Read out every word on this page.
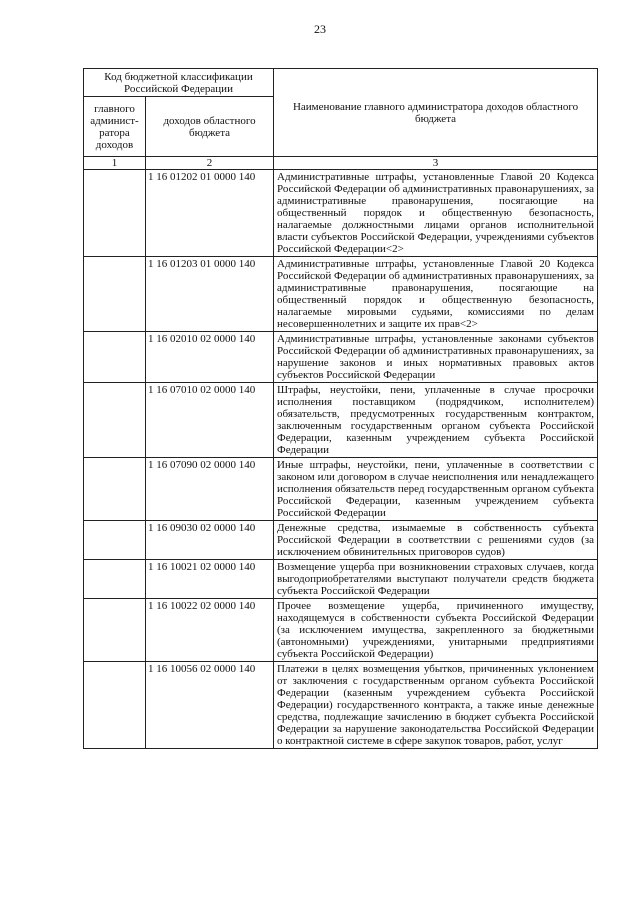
23
Код бюджетной классификации Российской Федерации		Наименование главного администратора доходов областного бюджета
главного админист-ратора доходов	доходов областного бюджета	
1	2	3
	1 16 01202 01 0000 140	Административные штрафы, установленные Главой 20 Кодекса Российской Федерации об административных правонарушениях, за административные правонарушения, посягающие на общественный порядок и общественную безопасность, налагаемые должностными лицами органов исполнительной власти субъектов Российской Федерации, учреждениями субъектов Российской Федерации<2>
	1 16 01203 01 0000 140	Административные штрафы, установленные Главой 20 Кодекса Российской Федерации об административных правонарушениях, за административные правонарушения, посягающие на общественный порядок и общественную безопасность, налагаемые мировыми судьями, комиссиями по делам несовершеннолетних и защите их прав<2>
	1 16 02010 02 0000 140	Административные штрафы, установленные законами субъектов Российской Федерации об административных правонарушениях, за нарушение законов и иных нормативных правовых актов субъектов Российской Федерации
	1 16 07010 02 0000 140	Штрафы, неустойки, пени, уплаченные в случае просрочки исполнения поставщиком (подрядчиком, исполнителем) обязательств, предусмотренных государственным контрактом, заключенным государственным органом субъекта Российской Федерации, казенным учреждением субъекта Российской Федерации
	1 16 07090 02 0000 140	Иные штрафы, неустойки, пени, уплаченные в соответствии с законом или договором в случае неисполнения или ненадлежащего исполнения обязательств перед государственным органом субъекта Российской Федерации, казенным учреждением субъекта Российской Федерации
	1 16 09030 02 0000 140	Денежные средства, изымаемые в собственность субъекта Российской Федерации в соответствии с решениями судов (за исключением обвинительных приговоров судов)
	1 16 10021 02 0000 140	Возмещение ущерба при возникновении страховых случаев, когда выгодоприобретателями выступают получатели средств бюджета субъекта Российской Федерации
	1 16 10022 02 0000 140	Прочее возмещение ущерба, причиненного имуществу, находящемуся в собственности субъекта Российской Федерации (за исключением имущества, закрепленного за бюджетными (автономными) учреждениями, унитарными предприятиями субъекта Российской Федерации)
	1 16 10056 02 0000 140	Платежи в целях возмещения убытков, причиненных уклонением от заключения с государственным органом субъекта Российской Федерации (казенным учреждением субъекта Российской Федерации) государственного контракта, а также иные денежные средства, подлежащие зачислению в бюджет субъекта Российской Федерации за нарушение законодательства Российской Федерации о контрактной системе в сфере закупок товаров, работ, услуг
